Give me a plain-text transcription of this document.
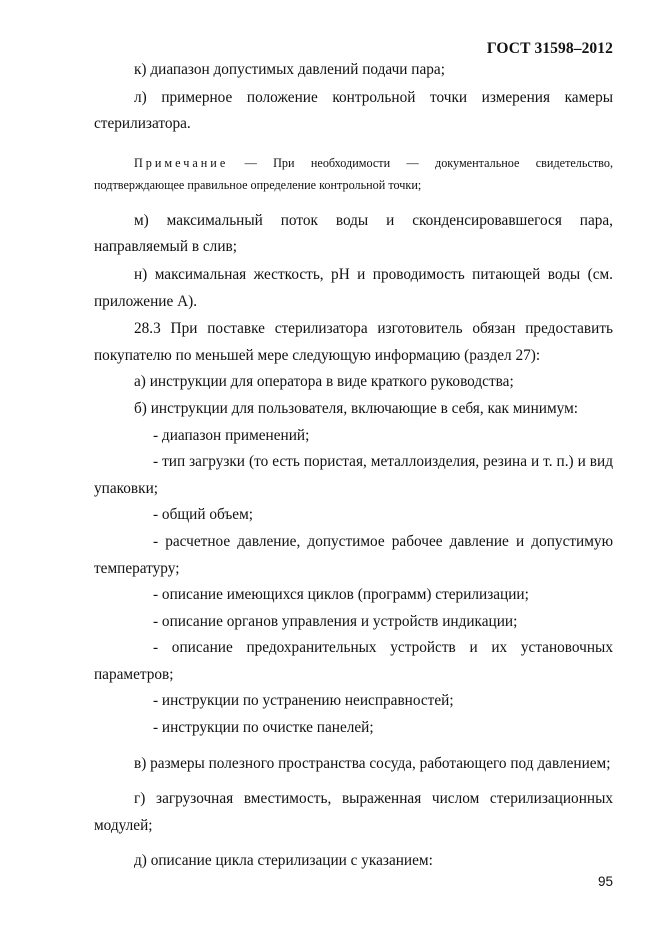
ГОСТ 31598–2012

к) диапазон допустимых давлений подачи пара;

л) примерное положение контрольной точки измерения камеры стерилизатора.

Примечание — При необходимости — документальное свидетельство, подтверждающее правильное определение контрольной точки;

м) максимальный поток воды и сконденсировавшегося пара, направляемый в слив;

н) максимальная жесткость, pH и проводимость питающей воды (см. приложение А).

28.3 При поставке стерилизатора изготовитель обязан предоставить покупателю по меньшей мере следующую информацию (раздел 27):

а) инструкции для оператора в виде краткого руководства;

б) инструкции для пользователя, включающие в себя, как минимум:

- диапазон применений;

- тип загрузки (то есть пористая, металлоизделия, резина и т. п.) и вид упаковки;

- общий объем;

- расчетное давление, допустимое рабочее давление и допустимую температуру;

- описание имеющихся циклов (программ) стерилизации;

- описание органов управления и устройств индикации;

- описание предохранительных устройств и их установочных параметров;

- инструкции по устранению неисправностей;

- инструкции по очистке панелей;

в) размеры полезного пространства сосуда, работающего под давлением;

г) загрузочная вместимость, выраженная числом стерилизационных модулей;

д) описание цикла стерилизации с указанием:

95
